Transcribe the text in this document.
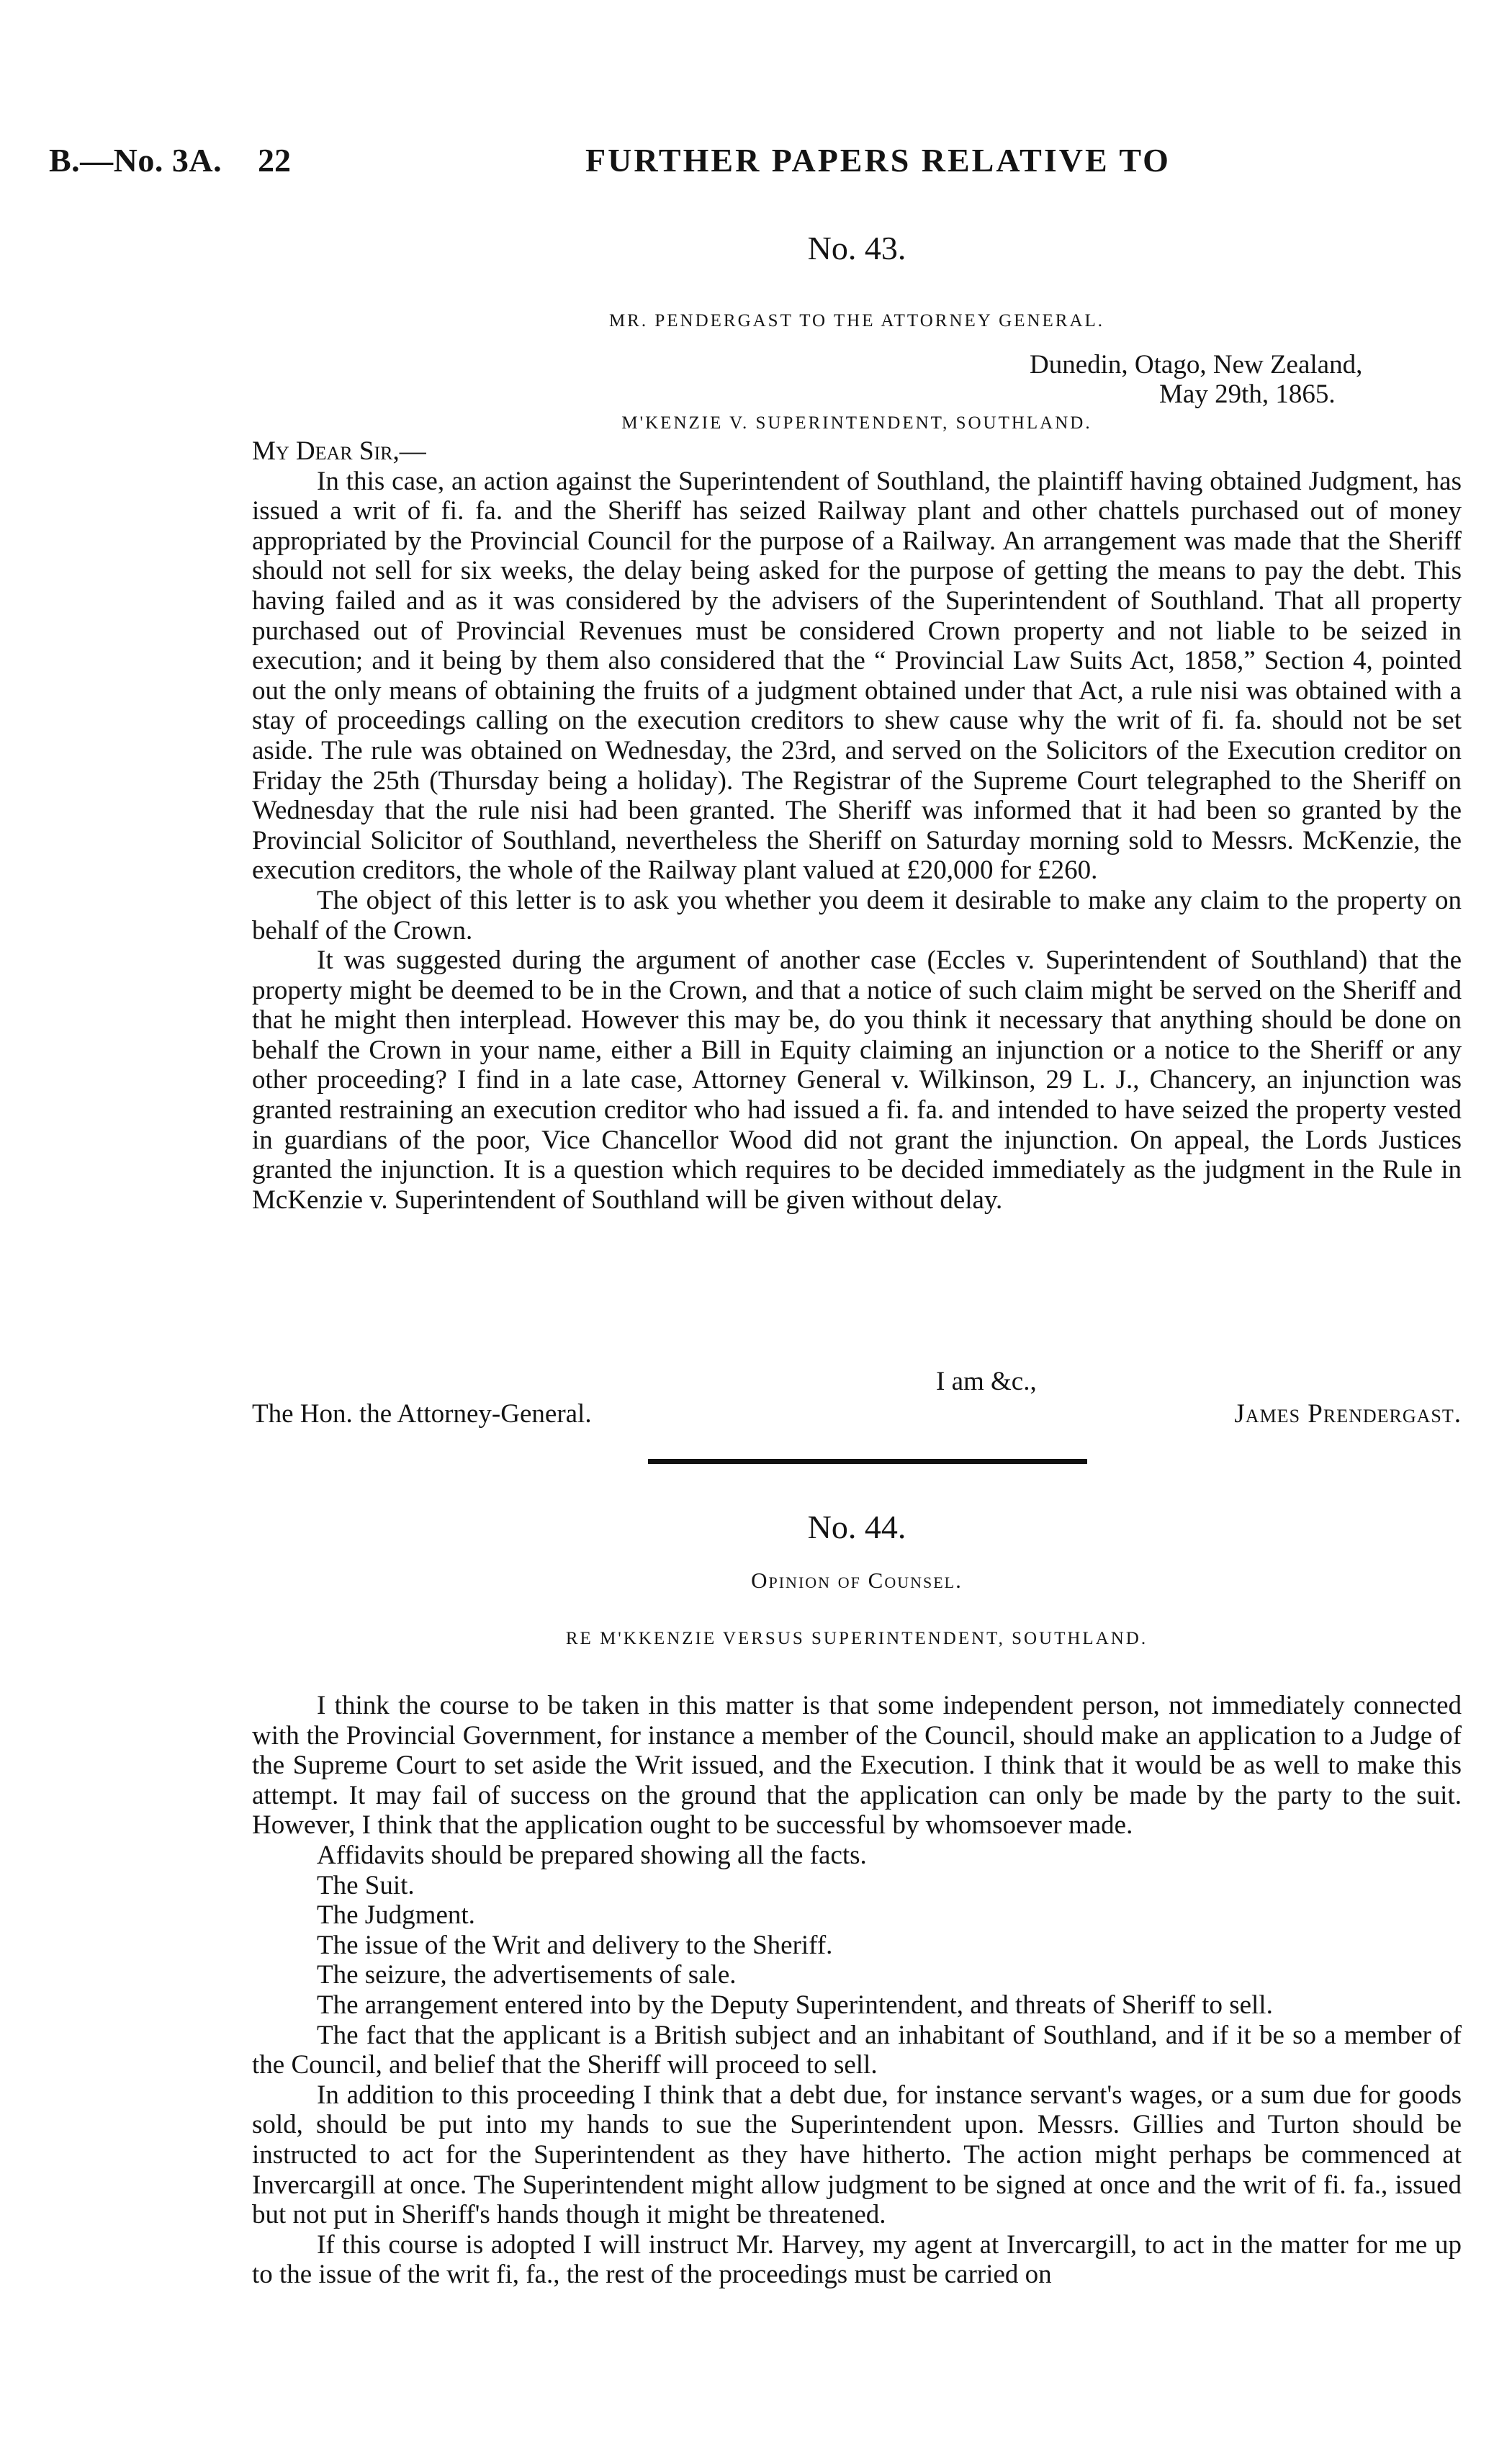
B.—No. 3A. 22	FURTHER PAPERS RELATIVE TO
No. 43.
MR. PENDERGAST TO THE ATTORNEY GENERAL.
Dunedin, Otago, New Zealand,
May 29th, 1865.
M'KENZIE V. SUPERINTENDENT, SOUTHLAND.

My Dear Sir,—

In this case, an action against the Superintendent of Southland, the plaintiff having obtained Judgment, has issued a writ of fi. fa. and the Sheriff has seized Railway plant and other chattels purchased out of money appropriated by the Provincial Council for the purpose of a Railway. An arrangement was made that the Sheriff should not sell for six weeks, the delay being asked for the purpose of getting the means to pay the debt. This having failed and as it was considered by the advisers of the Superintendent of Southland. That all property purchased out of Provincial Revenues must be considered Crown property and not liable to be seized in execution; and it being by them also considered that the “ Provincial Law Suits Act, 1858,” Section 4, pointed out the only means of obtaining the fruits of a judgment obtained under that Act, a rule nisi was obtained with a stay of proceedings calling on the execution creditors to shew cause why the writ of fi. fa. should not be set aside. The rule was obtained on Wednesday, the 23rd, and served on the Solicitors of the Execution creditor on Friday the 25th (Thursday being a holiday). The Registrar of the Supreme Court telegraphed to the Sheriff on Wednesday that the rule nisi had been granted. The Sheriff was informed that it had been so granted by the Provincial Solicitor of Southland, nevertheless the Sheriff on Saturday morning sold to Messrs. McKenzie, the execution creditors, the whole of the Railway plant valued at £20,000 for £260.

The object of this letter is to ask you whether you deem it desirable to make any claim to the property on behalf of the Crown.

It was suggested during the argument of another case (Eccles v. Superintendent of Southland) that the property might be deemed to be in the Crown, and that a notice of such claim might be served on the Sheriff and that he might then interplead. However this may be, do you think it necessary that anything should be done on behalf the Crown in your name, either a Bill in Equity claiming an injunction or a notice to the Sheriff or any other proceeding? I find in a late case, Attorney General v. Wilkinson, 29 L. J., Chancery, an injunction was granted restraining an execution creditor who had issued a fi. fa. and intended to have seized the property vested in guardians of the poor, Vice Chancellor Wood did not grant the injunction. On appeal, the Lords Justices granted the injunction. It is a question which requires to be decided immediately as the judgment in the Rule in McKenzie v. Superintendent of Southland will be given without delay.

I am &c.,
The Hon. the Attorney-General.	James Prendergast.
No. 44.
Opinion of Counsel.
RE M'KKENZIE VERSUS SUPERINTENDENT, SOUTHLAND.

I think the course to be taken in this matter is that some independent person, not immediately connected with the Provincial Government, for instance a member of the Council, should make an application to a Judge of the Supreme Court to set aside the Writ issued, and the Execution. I think that it would be as well to make this attempt. It may fail of success on the ground that the application can only be made by the party to the suit. However, I think that the application ought to be successful by whomsoever made.

Affidavits should be prepared showing all the facts.
The Suit.
The Judgment.
The issue of the Writ and delivery to the Sheriff.
The seizure, the advertisements of sale.
The arrangement entered into by the Deputy Superintendent, and threats of Sheriff to sell.

The fact that the applicant is a British subject and an inhabitant of Southland, and if it be so a member of the Council, and belief that the Sheriff will proceed to sell.

In addition to this proceeding I think that a debt due, for instance servant's wages, or a sum due for goods sold, should be put into my hands to sue the Superintendent upon. Messrs. Gillies and Turton should be instructed to act for the Superintendent as they have hitherto. The action might perhaps be commenced at Invercargill at once. The Superintendent might allow judgment to be signed at once and the writ of fi. fa., issued but not put in Sheriff's hands though it might be threatened.

If this course is adopted I will instruct Mr. Harvey, my agent at Invercargill, to act in the matter for me up to the issue of the writ fi, fa., the rest of the proceedings must be carried on
